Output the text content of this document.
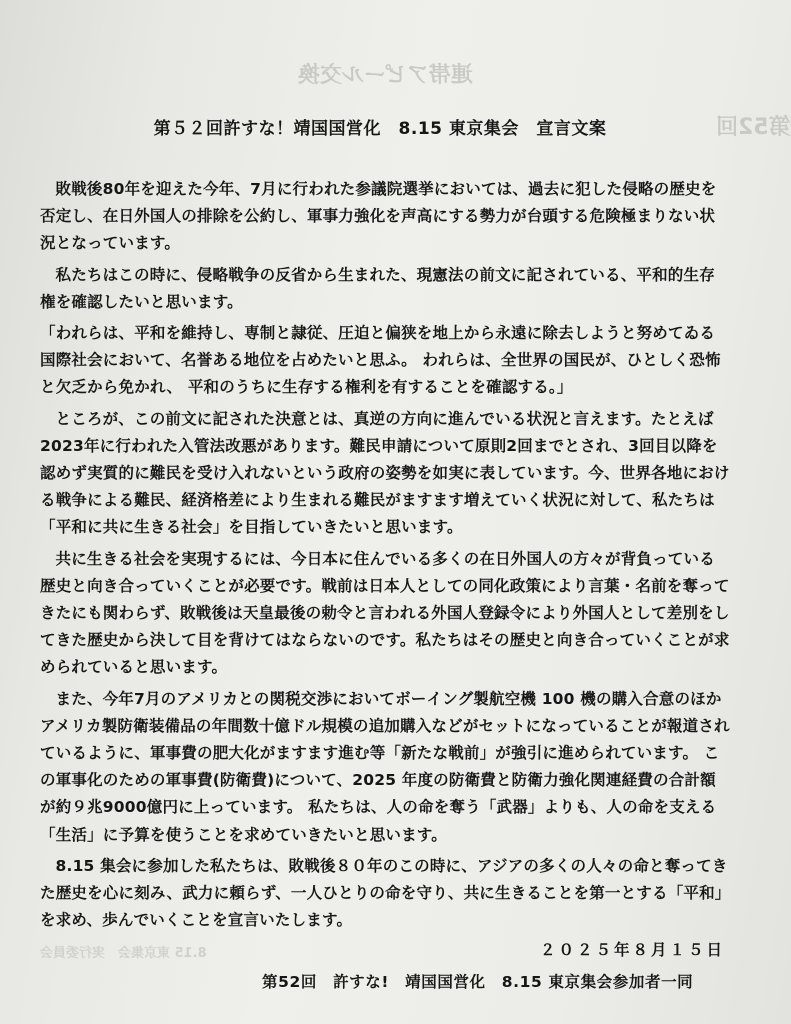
連帯アピール交換
第52回
8.15 東京集会　実行委員会
第５２回許すな！靖国国営化　8.15 東京集会　宣言文案

敗戦後80年を迎えた今年、7月に行われた参議院選挙においては、過去に犯した侵略の歴史を否定し、在日外国人の排除を公約し、軍事力強化を声高にする勢力が台頭する危険極まりない状況となっています。

私たちはこの時に、侵略戦争の反省から生まれた、現憲法の前文に記されている、平和的生存権を確認したいと思います。

「われらは、平和を維持し、専制と隷従、圧迫と偏狭を地上から永遠に除去しようと努めてゐる国際社会において、名誉ある地位を占めたいと思ふ。 われらは、全世界の国民が、ひとしく恐怖と欠乏から免かれ、 平和のうちに生存する権利を有することを確認する。」

ところが、この前文に記された決意とは、真逆の方向に進んでいる状況と言えます。たとえば2023年に行われた入管法改悪があります。難民申請について原則2回までとされ、3回目以降を認めず実質的に難民を受け入れないという政府の姿勢を如実に表しています。今、世界各地における戦争による難民、経済格差により生まれる難民がますます増えていく状況に対して、私たちは「平和に共に生きる社会」を目指していきたいと思います。

共に生きる社会を実現するには、今日本に住んでいる多くの在日外国人の方々が背負っている歴史と向き合っていくことが必要です。戦前は日本人としての同化政策により言葉・名前を奪ってきたにも関わらず、敗戦後は天皇最後の勅令と言われる外国人登録令により外国人として差別をしてきた歴史から決して目を背けてはならないのです。私たちはその歴史と向き合っていくことが求められていると思います。

また、今年7月のアメリカとの関税交渉においてボーイング製航空機 100 機の購入合意のほかアメリカ製防衛装備品の年間数十億ドル規模の追加購入などがセットになっていることが報道されているように、軍事費の肥大化がますます進む等「新たな戦前」が強引に進められています。 この軍事化のための軍事費(防衛費)について、2025 年度の防衛費と防衛力強化関連経費の合計額が約９兆9000億円に上っています。 私たちは、人の命を奪う「武器」よりも、人の命を支える「生活」に予算を使うことを求めていきたいと思います。

8.15 集会に参加した私たちは、敗戦後８０年のこの時に、アジアの多くの人々の命と奪ってきた歴史を心に刻み、武力に頼らず、一人ひとりの命を守り、共に生きることを第一とする「平和」を求め、歩んでいくことを宣言いたします。

２０２５年８月１５日
第52回　許すな!　靖国国営化　8.15 東京集会参加者一同
